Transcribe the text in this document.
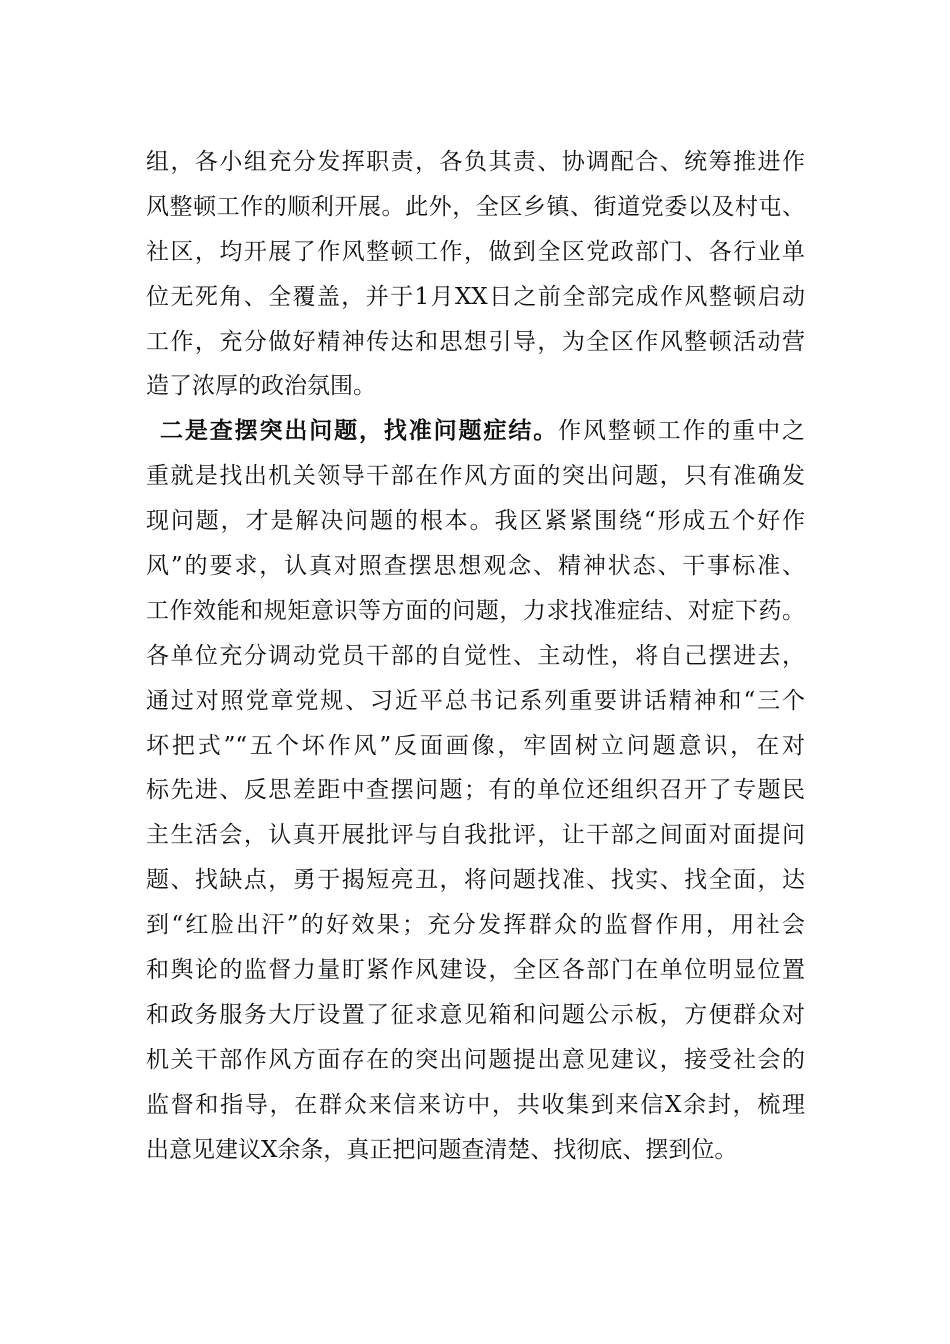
组，各小组充分发挥职责，各负其责、协调配合、统筹推进作
风整顿工作的顺利开展。此外，全区乡镇、街道党委以及村屯、
社区，均开展了作风整顿工作，做到全区党政部门、各行业单
位无死角、全覆盖，并于1月XX日之前全部完成作风整顿启动
工作，充分做好精神传达和思想引导，为全区作风整顿活动营
造了浓厚的政治氛围。
二是查摆突出问题，找准问题症结。作风整顿工作的重中之
重就是找出机关领导干部在作风方面的突出问题，只有准确发
现问题，才是解决问题的根本。我区紧紧围绕“形成五个好作
风”的要求，认真对照查摆思想观念、精神状态、干事标准、
工作效能和规矩意识等方面的问题，力求找准症结、对症下药。
各单位充分调动党员干部的自觉性、主动性，将自己摆进去，
通过对照党章党规、习近平总书记系列重要讲话精神和“三个
坏把式”“五个坏作风”反面画像，牢固树立问题意识，在对
标先进、反思差距中查摆问题；有的单位还组织召开了专题民
主生活会，认真开展批评与自我批评，让干部之间面对面提问
题、找缺点，勇于揭短亮丑，将问题找准、找实、找全面，达
到“红脸出汗”的好效果；充分发挥群众的监督作用，用社会
和舆论的监督力量盯紧作风建设，全区各部门在单位明显位置
和政务服务大厅设置了征求意见箱和问题公示板，方便群众对
机关干部作风方面存在的突出问题提出意见建议，接受社会的
监督和指导，在群众来信来访中，共收集到来信X余封，梳理
出意见建议X余条，真正把问题查清楚、找彻底、摆到位。
